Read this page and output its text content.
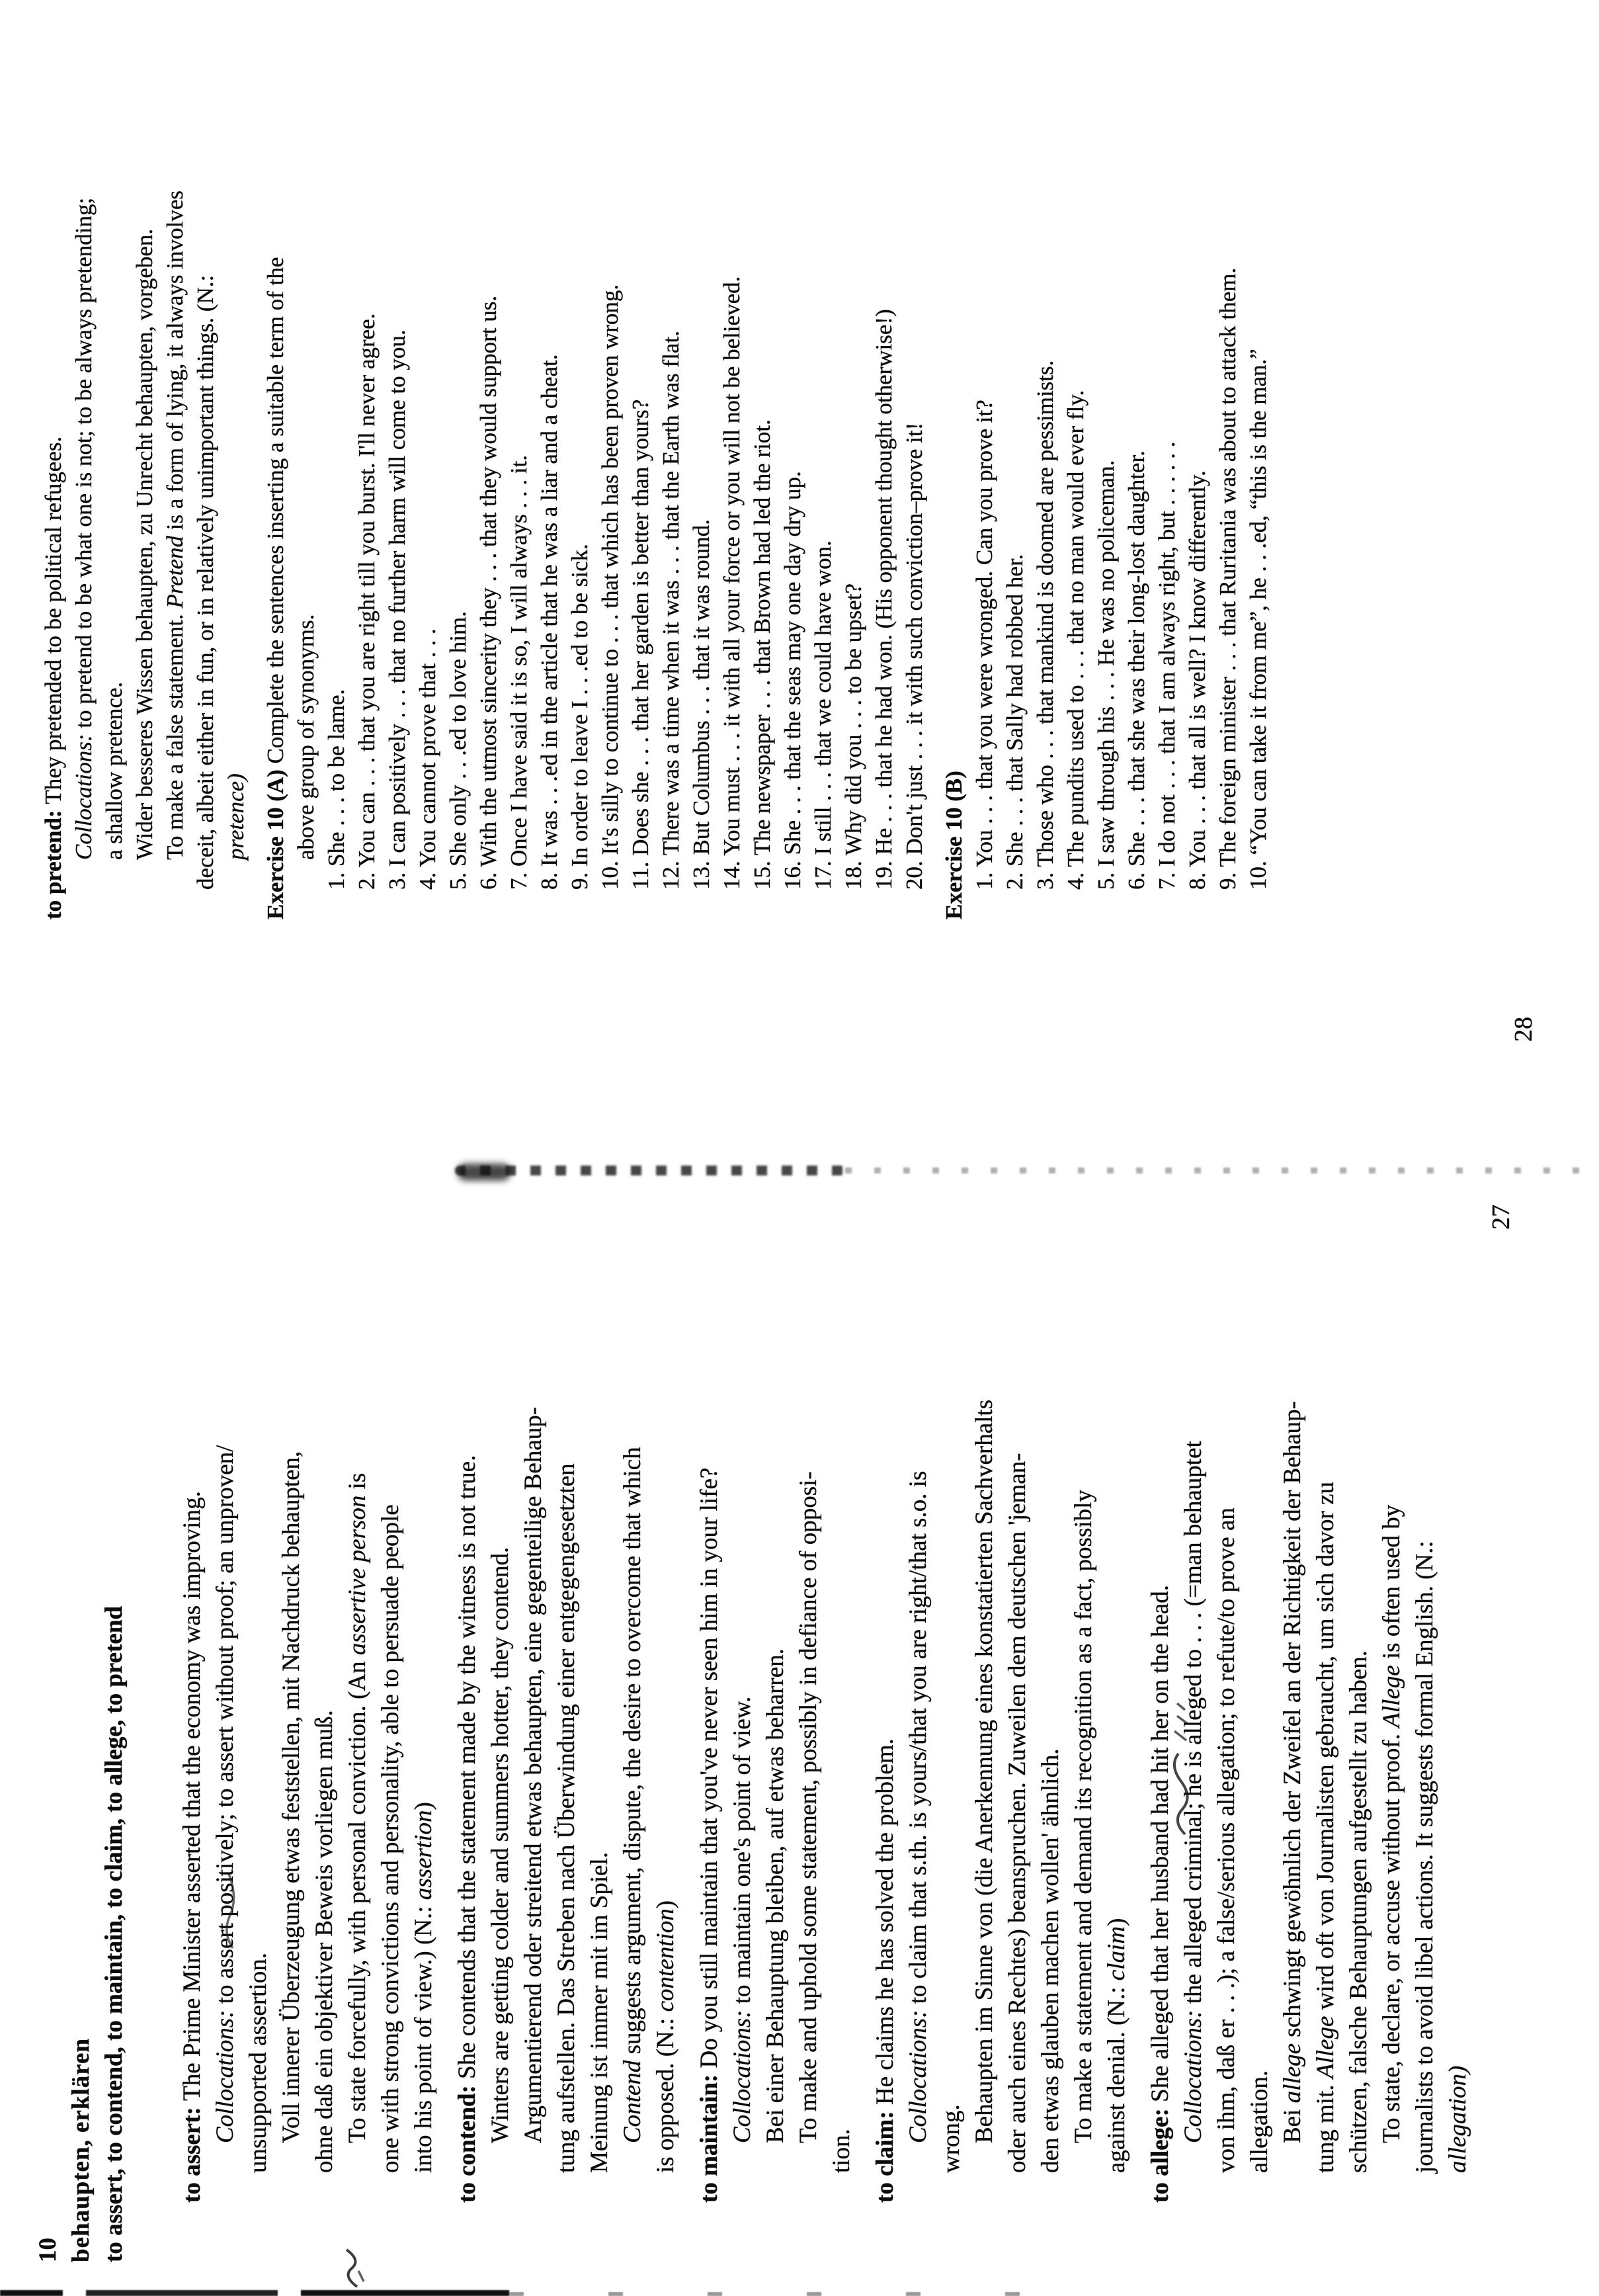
10 behaupten, erklären to assert, to contend, to maintain, to claim, to allege, to pretend to assert: The Prime Minister asserted that the economy was improving. Collocations: to assert positively; to assert without proof; an unproven/
unsupported assertion. Voll innerer Überzeugung etwas feststellen, mit Nachdruck behaupten, ohne daß ein objektiver Beweis vorliegen muß. To state forcefully, with personal conviction. (An assertive person is
one with strong convictions and personality, able to persuade people into his point of view.) (N.: assertion)
to contend: She contends that the statement made by the witness is not true. Winters are getting colder and summers hotter, they contend. Argumentierend oder streitend etwas behaupten, eine gegenteilige Behaup- tung aufstellen. Das Streben nach Überwindung einer entgegengesetzten Meinung ist immer mit im Spiel. Contend suggests argument, dispute, the desire to overcome that which
is opposed. (N.: contention)
to maintain: Do you still maintain that you've never seen him in your life?
Collocations: to maintain one's point of view. Bei einer Behauptung bleiben, auf etwas beharren. To make and uphold some statement, possibly in defiance of opposi-
tion. to claim: He claims he has solved the problem. Collocations: to claim that s.th. is yours/that you are right/that s.o. is
wrong. Behaupten im Sinne von (die Anerkennung eines konstatierten Sachverhalts oder auch eines Rechtes) beanspruchen. Zuweilen dem deutschen 'jeman- den etwas glauben machen wollen' ähnlich. To make a statement and demand its recognition as a fact, possibly against denial. (N.: claim)
to allege: She alleged that her husband had hit her on the head. Collocations: the alleged criminal; he is alleged to . . . (=man behauptet von ihm, daß er . . .); a false/serious allegation; to refute/to prove an allegation. Bei allege schwingt gewöhnlich der Zweifel an der Richtigkeit der Behaup-
tung mit. Allege wird oft von Journalisten gebraucht, um sich davor zu schützen, falsche Behauptungen aufgestellt zu haben. To state, declare, or accuse without proof. Allege is often used by journalists to avoid libel actions. It suggests formal English. (N.: allegation)
to pretend: They pretended to be political refugees. Collocations: to pretend to be what one is not; to be always pretending;
a shallow pretence. Wider besseres Wissen behaupten, zu Unrecht behaupten, vorgeben. To make a false statement. Pretend is a form of lying, it always involves deceit, albeit either in fun, or in relatively unimportant things. (N.: pretence) Exercise 10 (A) Complete the sentences inserting a suitable term of the above group of synonyms. 1. She . . . to be lame. 2. You can . . . that you are right till you burst. I'll never agree. 3. I can positively . . . that no further harm will come to you. 4. You cannot prove that . . . 5. She only . . .ed to love him. 6. With the utmost sincerity they . . . that they would support us. 7. Once I have said it is so, I will always . . . it. 8. It was . . .ed in the article that he was a liar and a cheat. 9. In order to leave I . . .ed to be sick. 10. It's silly to continue to . . . that which has been proven wrong. 11. Does she . . . that her garden is better than yours? 12. There was a time when it was . . . that the Earth was flat. 13. But Columbus . . . that it was round. 14. You must . . . it with all your force or you will not be believed. 15. The newspaper . . . that Brown had led the riot. 16. She . . . that the seas may one day dry up. 17. I still . . . that we could have won. 18. Why did you . . . to be upset? 19. He . . . that he had won. (His opponent thought otherwise!) 20. Don't just . . . it with such conviction–prove it! Exercise 10 (B) 1. You . . . that you were wronged. Can you prove it? 2. She . . . that Sally had robbed her. 3. Those who . . . that mankind is doomed are pessimists. 4. The pundits used to . . . that no man would ever fly. 5. I saw through his . . . He was no policeman. 6. She . . . that she was their long-lost daughter. 7. I do not . . . that I am always right, but . . . . . . 8. You . . . that all is well? I know differently. 9. The foreign minister . . . that Ruritania was about to attack them. 10. “You can take it from me”, he . . .ed, “this is the man.”
27
28
